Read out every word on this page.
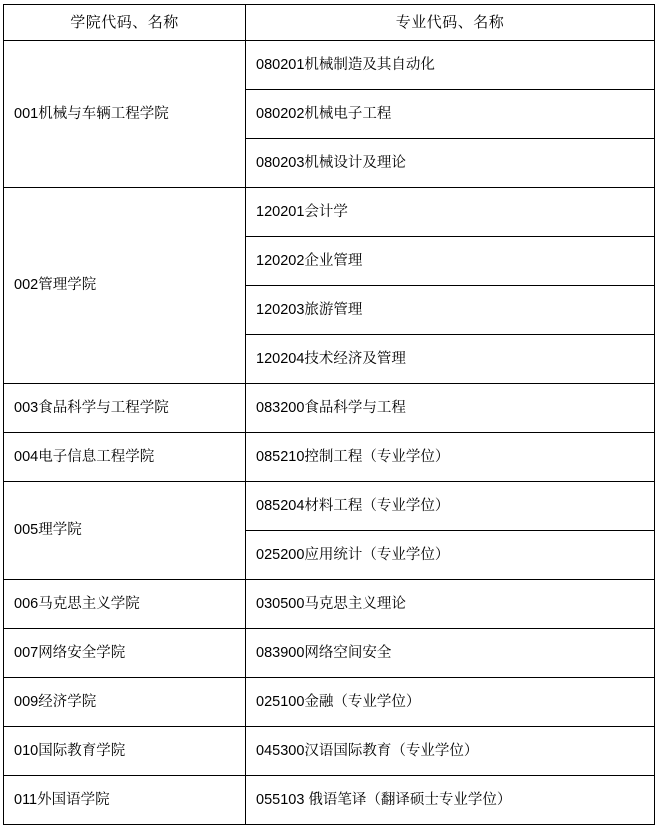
学院代码、名称	专业代码、名称
001机械与车辆工程学院	080201机械制造及其自动化
	080202机械电子工程
	080203机械设计及理论
002管理学院	120201会计学
	120202企业管理
	120203旅游管理
	120204技术经济及管理
003食品科学与工程学院	083200食品科学与工程
004电子信息工程学院	085210控制工程（专业学位）
005理学院	085204材料工程（专业学位）
	025200应用统计（专业学位）
006马克思主义学院	030500马克思主义理论
007网络安全学院	083900网络空间安全
009经济学院	025100金融（专业学位）
010国际教育学院	045300汉语国际教育（专业学位）
011外国语学院	055103 俄语笔译（翻译硕士专业学位）
